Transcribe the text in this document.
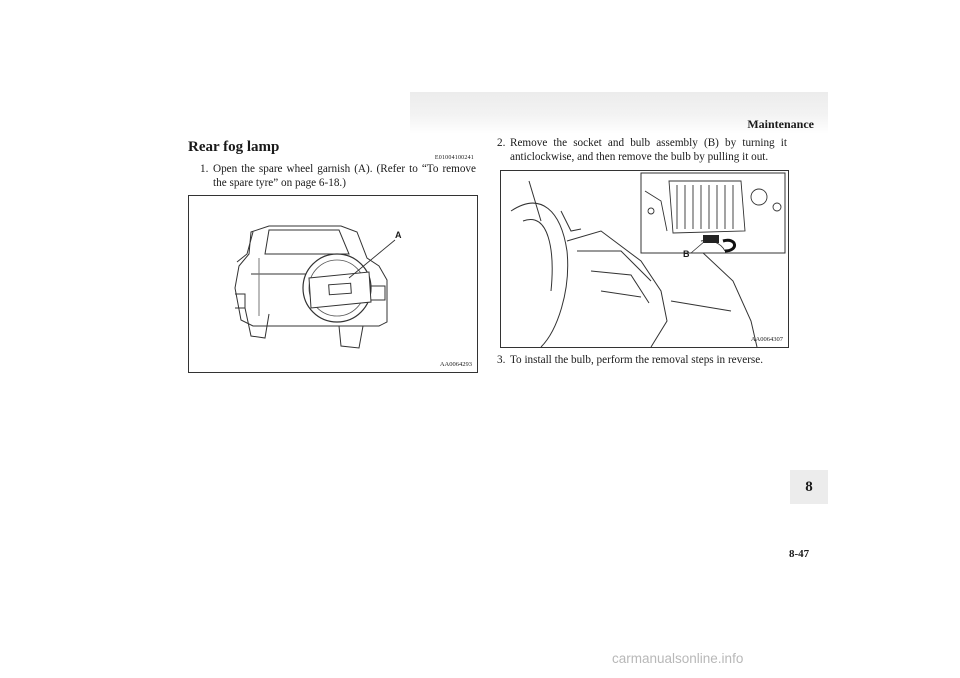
Maintenance
Rear fog lamp
E01004100241
1. Open the spare wheel garnish (A). (Refer to “To remove the spare tyre” on page 6-18.)
A
AA0064293
2. Remove the socket and bulb assembly (B) by turning it anticlockwise, and then remove the bulb by pulling it out.
B
AA0064307
3. To install the bulb, perform the removal steps in reverse.
8
8-47
carmanualsonline.info
